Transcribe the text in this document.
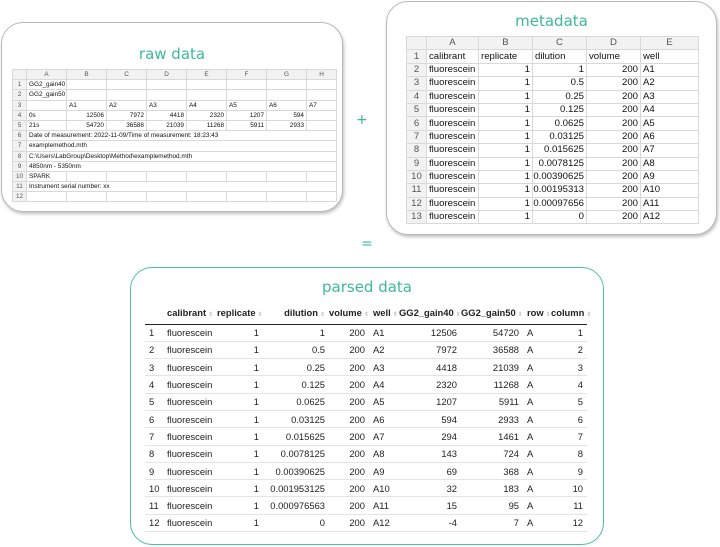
raw data
	A	B	C	D	E	F	G	H
1	GG2_gain40							
2	GG2_gain50							
3		A1	A2	A3	A4	A5	A6	A7
4	0s	12506	7972	4418	2320	1207	594	
5	21s	54720	36588	21039	11268	5911	2933	
6	Date of measurement: 2022-11-09/Time of measurement: 18:23:43							
7	examplemethod.mth							
8	C:\Users\LabGroup\Desktop\Method\examplemethod.mth							
9	4850nm - 5350nm							
10	SPARK							
11	Instrument serial number: xx							
12								
+
metadata
	A	B	C	D	E
1	calibrant	replicate	dilution	volume	well
2	fluorescein	1	1	200	A1
3	fluorescein	1	0.5	200	A2
4	fluorescein	1	0.25	200	A3
5	fluorescein	1	0.125	200	A4
6	fluorescein	1	0.0625	200	A5
7	fluorescein	1	0.03125	200	A6
8	fluorescein	1	0.015625	200	A7
9	fluorescein	1	0.0078125	200	A8
10	fluorescein	1	0.00390625	200	A9
11	fluorescein	1	0.00195313	200	A10
12	fluorescein	1	0.00097656	200	A11
13	fluorescein	1	0	200	A12
=
parsed data
	calibrant ⇕	replicate ⇕	dilution ⇕	volume ⇕	well ⇕	GG2_gain40 ⇕	GG2_gain50 ⇕	row ⇕	column ⇕
1	fluorescein	1	1	200	A1	12506	54720	A	1
2	fluorescein	1	0.5	200	A2	7972	36588	A	2
3	fluorescein	1	0.25	200	A3	4418	21039	A	3
4	fluorescein	1	0.125	200	A4	2320	11268	A	4
5	fluorescein	1	0.0625	200	A5	1207	5911	A	5
6	fluorescein	1	0.03125	200	A6	594	2933	A	6
7	fluorescein	1	0.015625	200	A7	294	1461	A	7
8	fluorescein	1	0.0078125	200	A8	143	724	A	8
9	fluorescein	1	0.00390625	200	A9	69	368	A	9
10	fluorescein	1	0.001953125	200	A10	32	183	A	10
11	fluorescein	1	0.000976563	200	A11	15	95	A	11
12	fluorescein	1	0	200	A12	-4	7	A	12
